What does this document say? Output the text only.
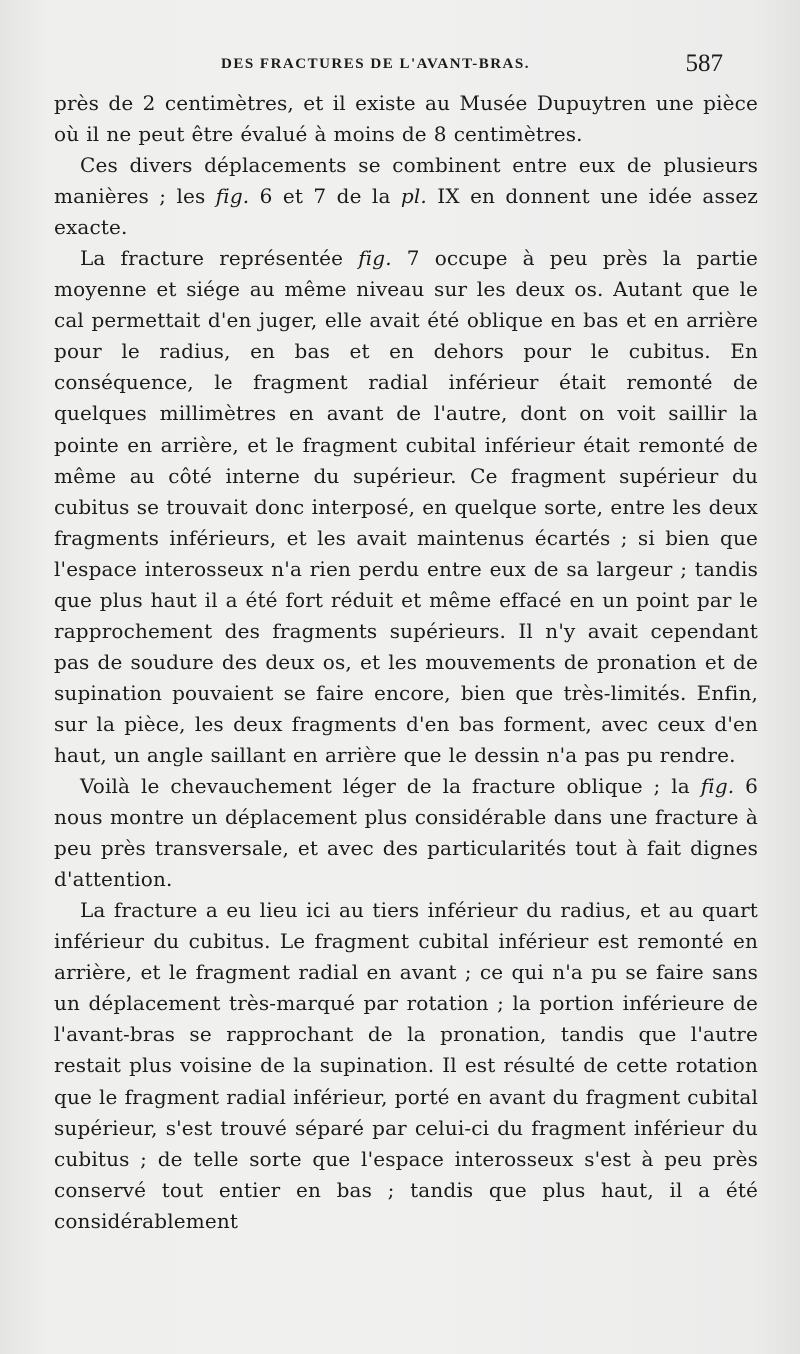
DES FRACTURES DE L'AVANT-BRAS.	587

près de 2 centimètres, et il existe au Musée Dupuytren une pièce où il ne peut être évalué à moins de 8 centimètres.

Ces divers déplacements se combinent entre eux de plusieurs manières ; les fig. 6 et 7 de la pl. IX en donnent une idée assez exacte.

La fracture représentée fig. 7 occupe à peu près la partie moyenne et siége au même niveau sur les deux os. Autant que le cal permettait d'en juger, elle avait été oblique en bas et en arrière pour le radius, en bas et en dehors pour le cubitus. En conséquence, le fragment radial inférieur était remonté de quelques millimètres en avant de l'autre, dont on voit saillir la pointe en arrière, et le fragment cubital inférieur était remonté de même au côté interne du supérieur. Ce fragment supérieur du cubitus se trouvait donc interposé, en quelque sorte, entre les deux fragments inférieurs, et les avait maintenus écartés ; si bien que l'espace interosseux n'a rien perdu entre eux de sa largeur ; tandis que plus haut il a été fort réduit et même effacé en un point par le rapprochement des fragments supérieurs. Il n'y avait cependant pas de soudure des deux os, et les mouvements de pronation et de supination pouvaient se faire encore, bien que très-limités. Enfin, sur la pièce, les deux fragments d'en bas forment, avec ceux d'en haut, un angle saillant en arrière que le dessin n'a pas pu rendre.

Voilà le chevauchement léger de la fracture oblique ; la fig. 6 nous montre un déplacement plus considérable dans une fracture à peu près transversale, et avec des particularités tout à fait dignes d'attention.

La fracture a eu lieu ici au tiers inférieur du radius, et au quart inférieur du cubitus. Le fragment cubital inférieur est remonté en arrière, et le fragment radial en avant ; ce qui n'a pu se faire sans un déplacement très-marqué par rotation ; la portion inférieure de l'avant-bras se rapprochant de la pronation, tandis que l'autre restait plus voisine de la supination. Il est résulté de cette rotation que le fragment radial inférieur, porté en avant du fragment cubital supérieur, s'est trouvé séparé par celui-ci du fragment inférieur du cubitus ; de telle sorte que l'espace interosseux s'est à peu près conservé tout entier en bas ; tandis que plus haut, il a été considérablement
